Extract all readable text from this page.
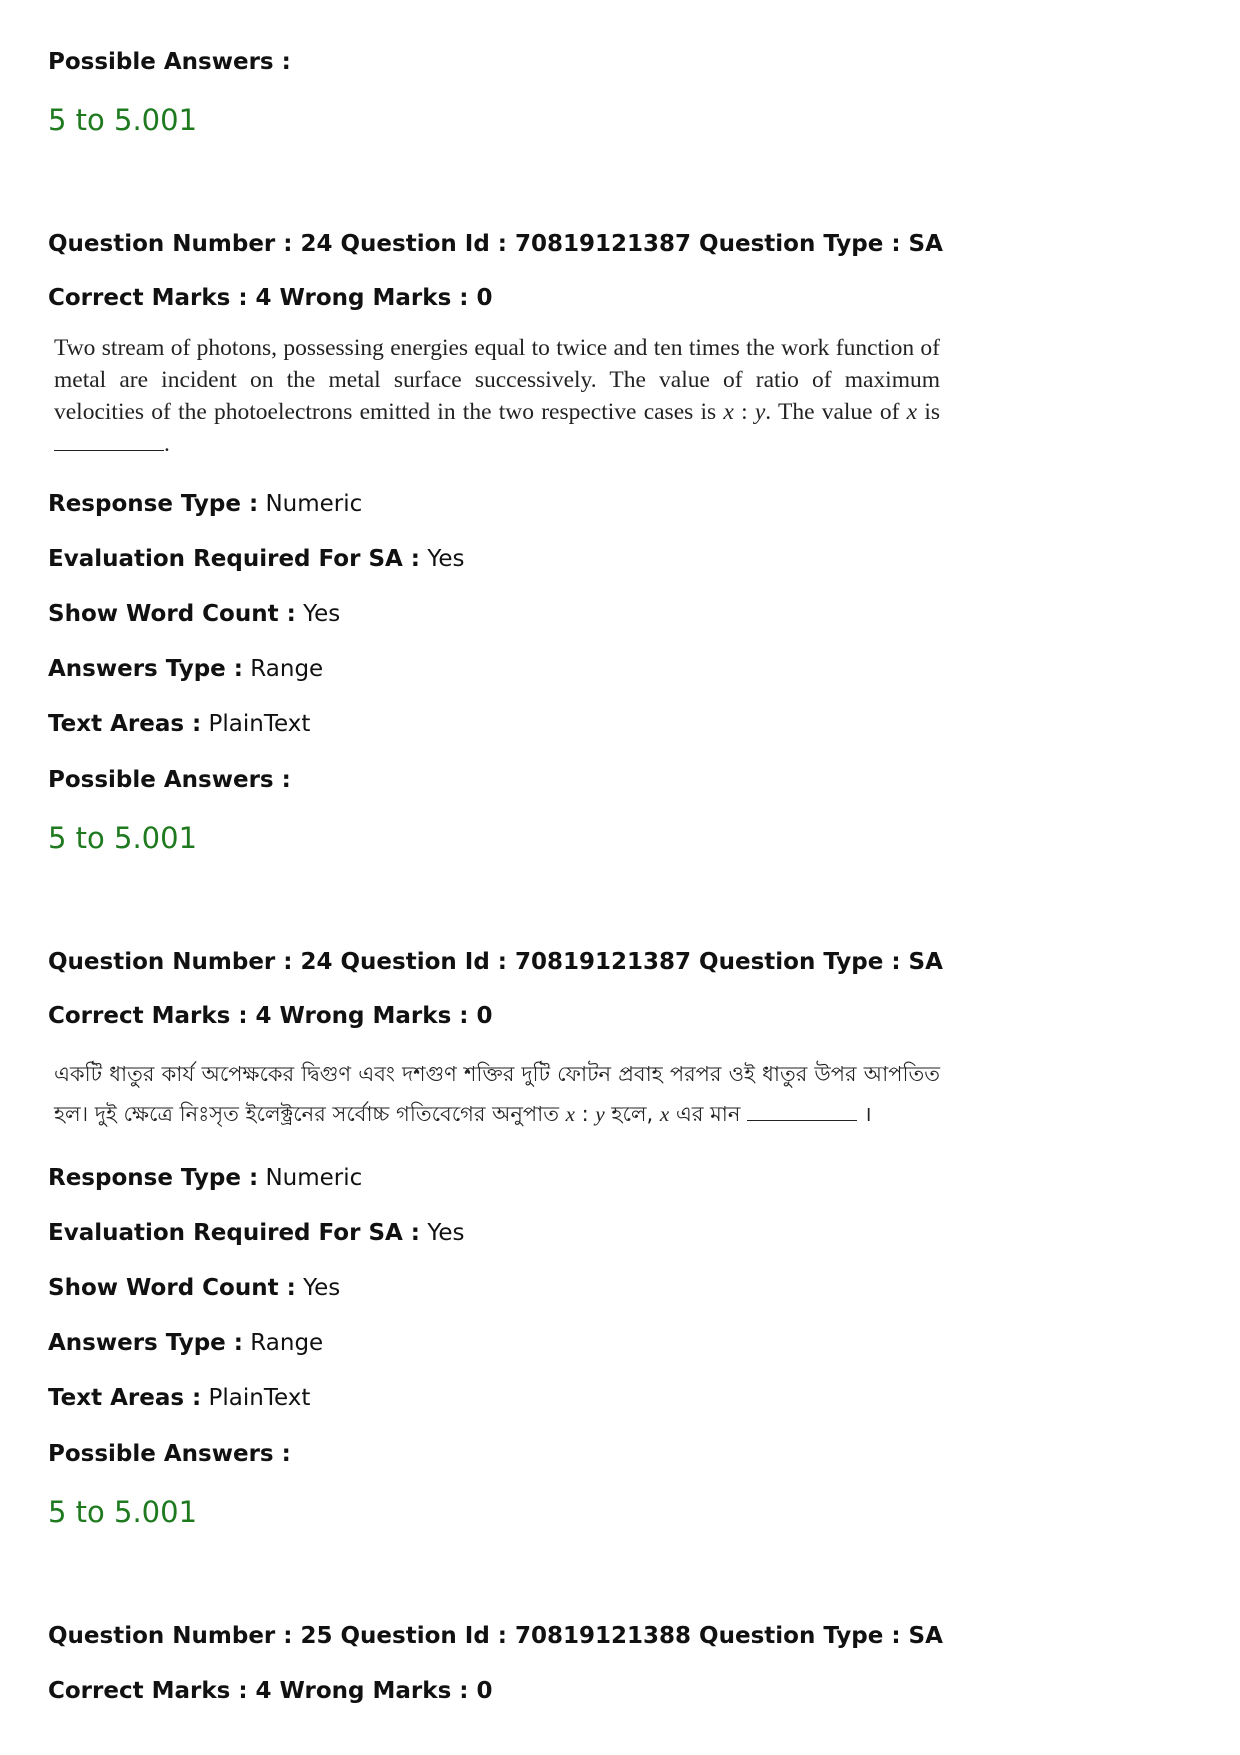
Possible Answers :
5 to 5.001
Question Number : 24 Question Id : 70819121387 Question Type : SA
Correct Marks : 4 Wrong Marks : 0
Two stream of photons, possessing energies equal to twice and ten times the work function of metal are incident on the metal surface successively. The value of ratio of maximum velocities of the photoelectrons emitted in the two respective cases is x : y. The value of x is .
Response Type : Numeric
Evaluation Required For SA : Yes
Show Word Count : Yes
Answers Type : Range
Text Areas : PlainText
Possible Answers :
5 to 5.001
Question Number : 24 Question Id : 70819121387 Question Type : SA
Correct Marks : 4 Wrong Marks : 0
একটি ধাতুর কার্য অপেক্ষকের দ্বিগুণ এবং দশগুণ শক্তির দুটি ফোটন প্রবাহ পরপর ওই ধাতুর উপর আপতিত হল। দুই ক্ষেত্রে নিঃসৃত ইলেক্ট্রনের সর্বোচ্চ গতিবেগের অনুপাত x : y হলে, x এর মান	।
Response Type : Numeric
Evaluation Required For SA : Yes
Show Word Count : Yes
Answers Type : Range
Text Areas : PlainText
Possible Answers :
5 to 5.001
Question Number : 25 Question Id : 70819121388 Question Type : SA
Correct Marks : 4 Wrong Marks : 0
